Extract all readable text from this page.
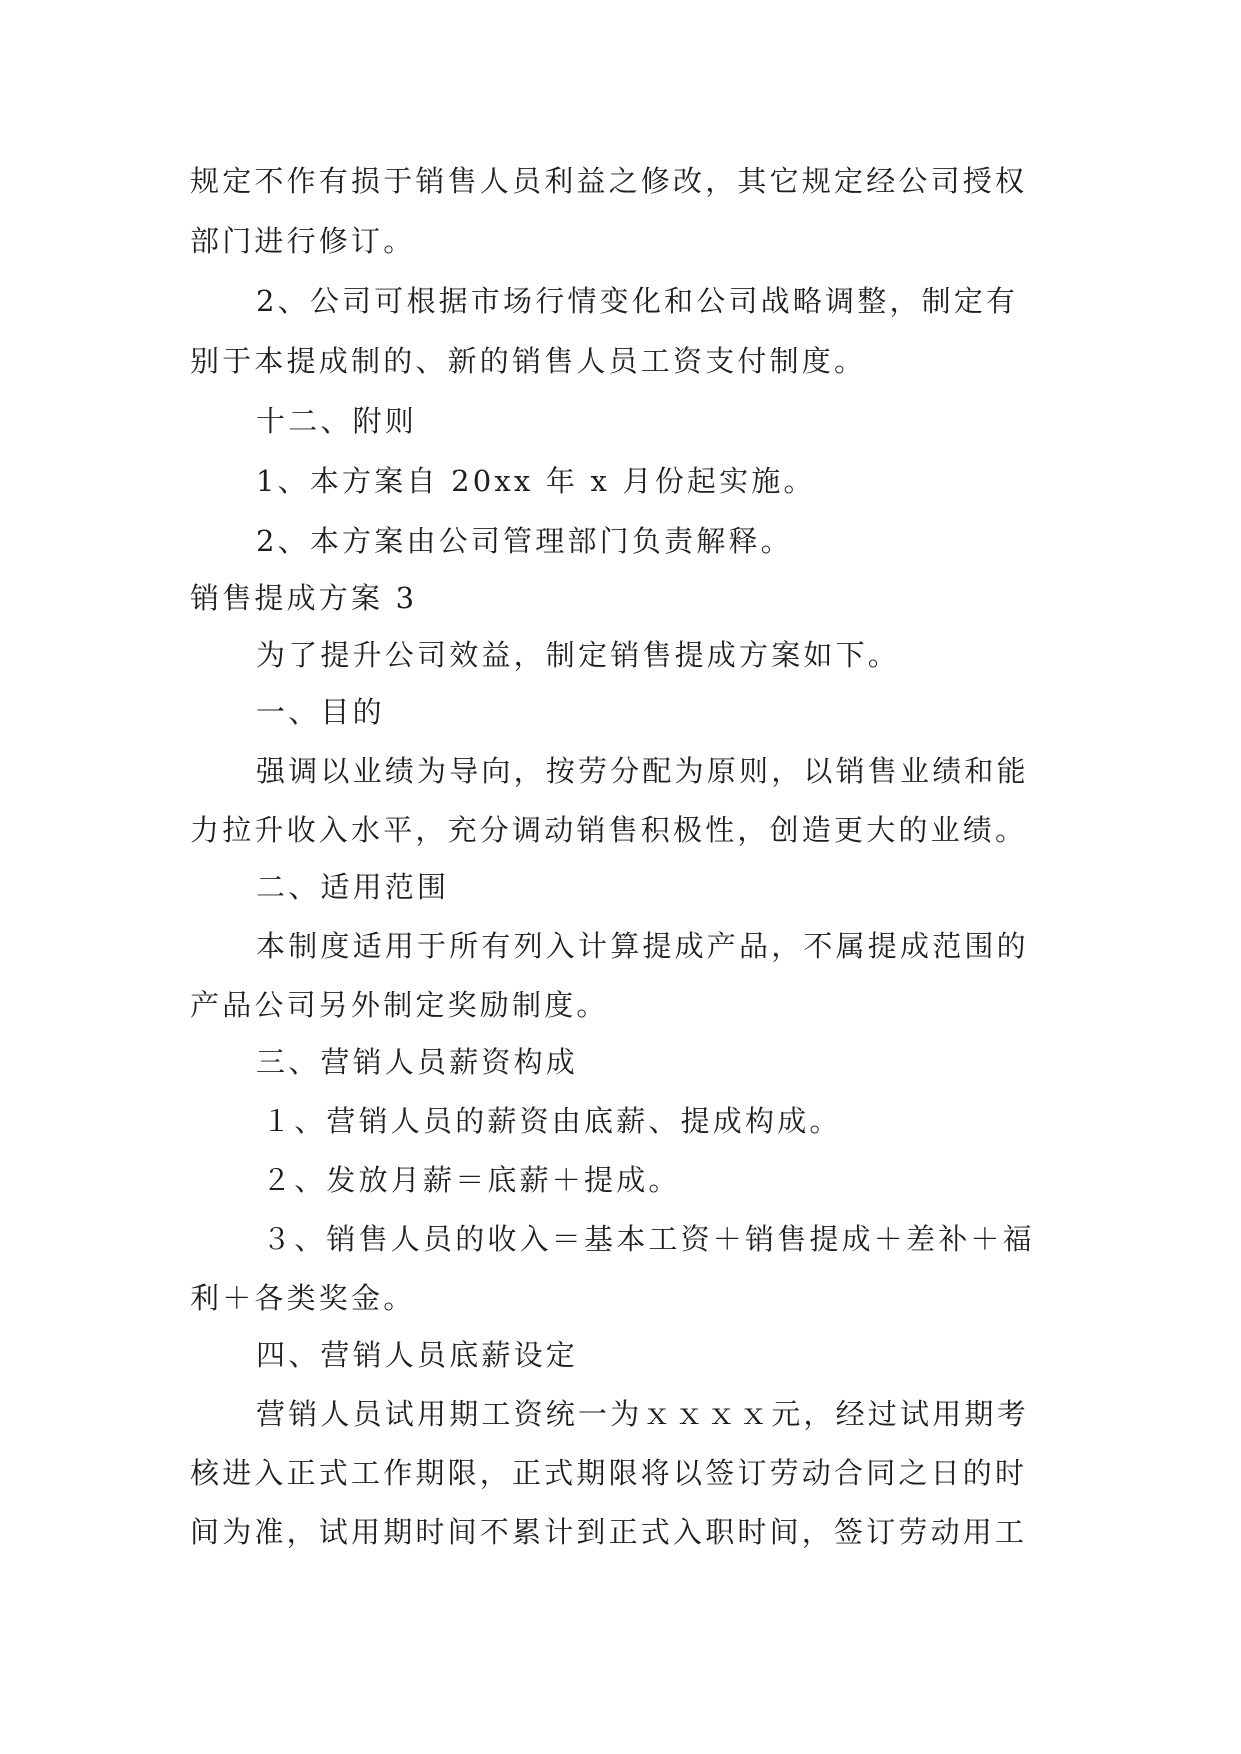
规定不作有损于销售人员利益之修改，其它规定经公司授权
部门进行修订。
2、公司可根据市场行情变化和公司战略调整，制定有
别于本提成制的、新的销售人员工资支付制度。
十二、附则
1、本方案自 20xx 年 x 月份起实施。
2、本方案由公司管理部门负责解释。
销售提成方案 3
为了提升公司效益，制定销售提成方案如下。
一、目的
强调以业绩为导向，按劳分配为原则，以销售业绩和能
力拉升收入水平，充分调动销售积极性，创造更大的业绩。
二、适用范围
本制度适用于所有列入计算提成产品，不属提成范围的
产品公司另外制定奖励制度。
三、营销人员薪资构成
１、营销人员的薪资由底薪、提成构成。
２、发放月薪＝底薪＋提成。
３、销售人员的收入＝基本工资＋销售提成＋差补＋福
利＋各类奖金。
四、营销人员底薪设定
营销人员试用期工资统一为ｘｘｘｘ元，经过试用期考
核进入正式工作期限，正式期限将以签订劳动合同之日的时
间为准，试用期时间不累计到正式入职时间，签订劳动用工
